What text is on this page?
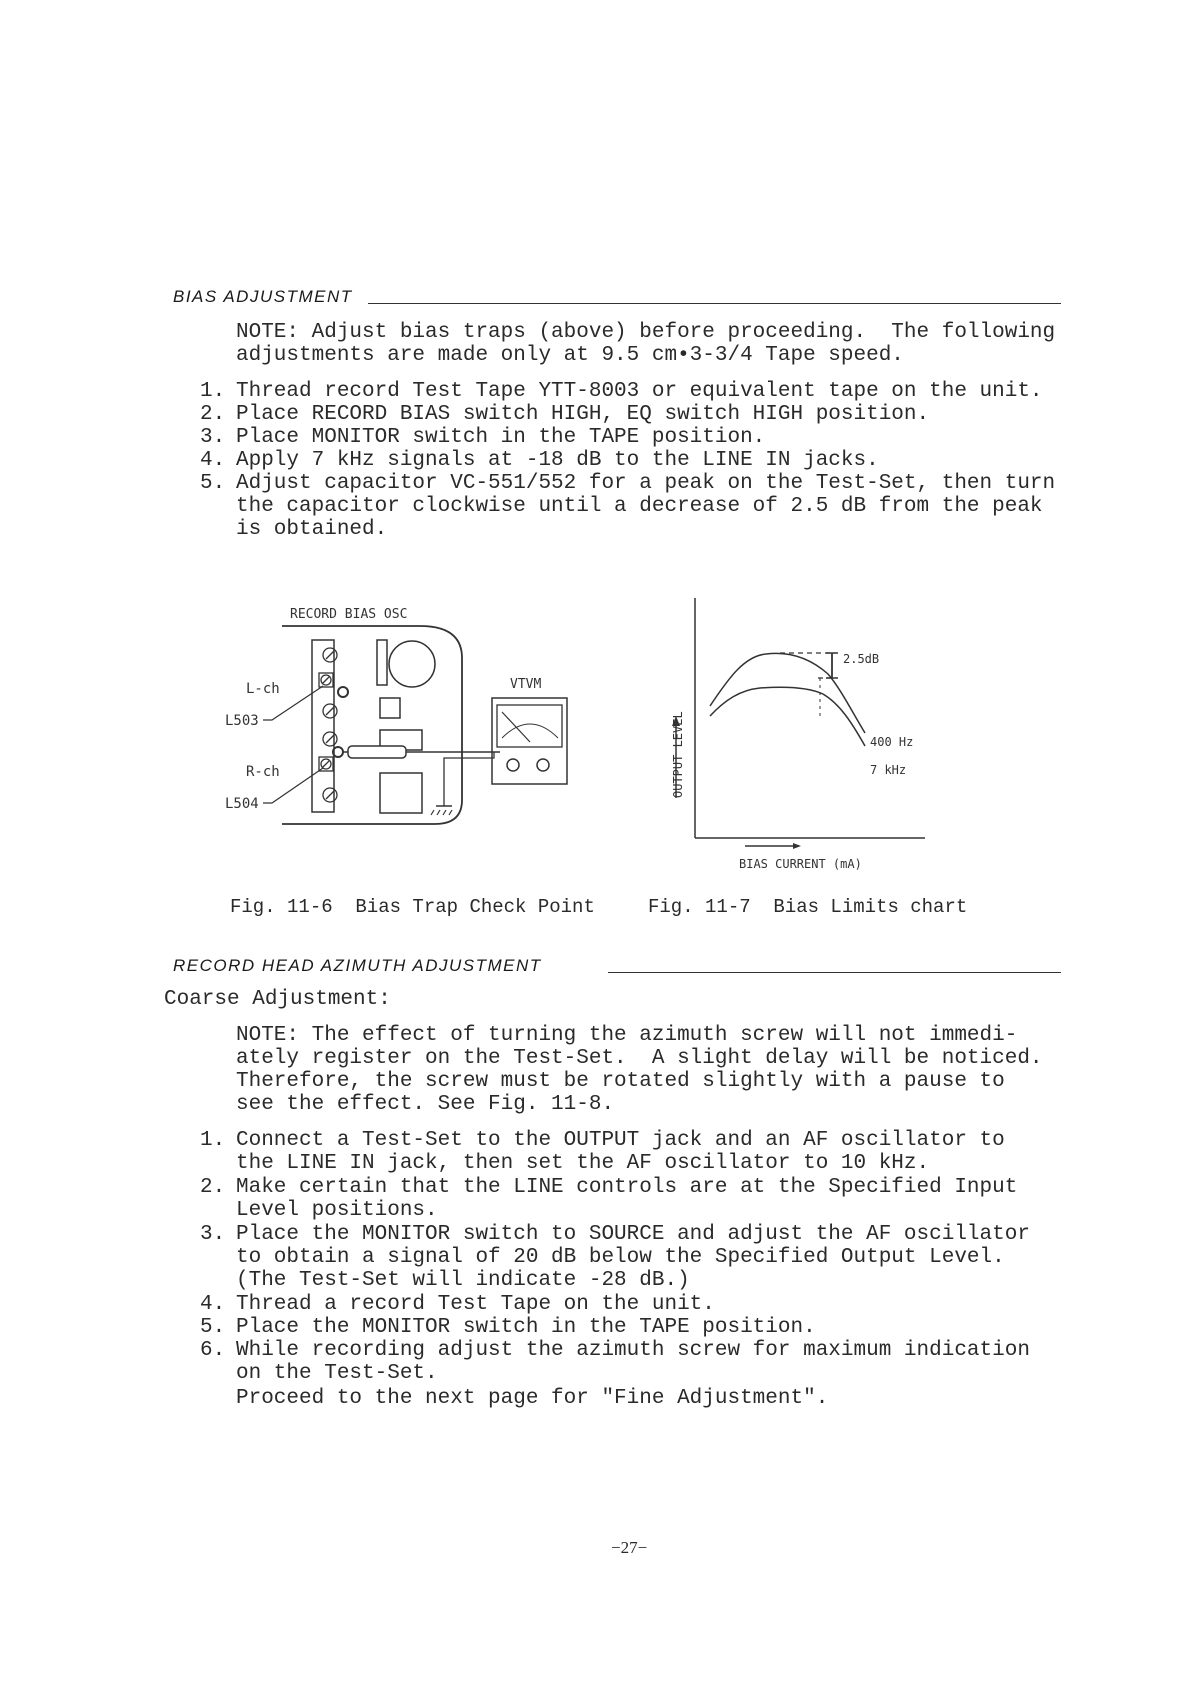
BIAS ADJUSTMENT
NOTE: Adjust bias traps (above) before proceeding.  The following
adjustments are made only at 9.5 cm•3-3/4 Tape speed.
1. Thread record Test Tape YTT-8003 or equivalent tape on the unit.
2. Place RECORD BIAS switch HIGH, EQ switch HIGH position.
3. Place MONITOR switch in the TAPE position.
4. Apply 7 kHz signals at -18 dB to the LINE IN jacks.
5. Adjust capacitor VC-551/552 for a peak on the Test-Set, then turn
the capacitor clockwise until a decrease of 2.5 dB from the peak
is obtained.
RECORD BIAS OSC
L-ch
L503
R-ch
L504
VTVM
OUTPUT LEVEL
BIAS CURRENT (mA)
2.5dB
400 Hz
7 kHz
Fig. 11-6  Bias Trap Check Point	Fig. 11-7  Bias Limits chart
RECORD HEAD AZIMUTH ADJUSTMENT
Coarse Adjustment:
NOTE: The effect of turning the azimuth screw will not immedi-
ately register on the Test-Set.  A slight delay will be noticed.
Therefore, the screw must be rotated slightly with a pause to
see the effect. See Fig. 11-8.
1. Connect a Test-Set to the OUTPUT jack and an AF oscillator to
the LINE IN jack, then set the AF oscillator to 10 kHz.
2. Make certain that the LINE controls are at the Specified Input
Level positions.
3. Place the MONITOR switch to SOURCE and adjust the AF oscillator
to obtain a signal of 20 dB below the Specified Output Level.
(The Test-Set will indicate -28 dB.)
4. Thread a record Test Tape on the unit.
5. Place the MONITOR switch in the TAPE position.
6. While recording adjust the azimuth screw for maximum indication
on the Test-Set.
Proceed to the next page for "Fine Adjustment".
−27−
